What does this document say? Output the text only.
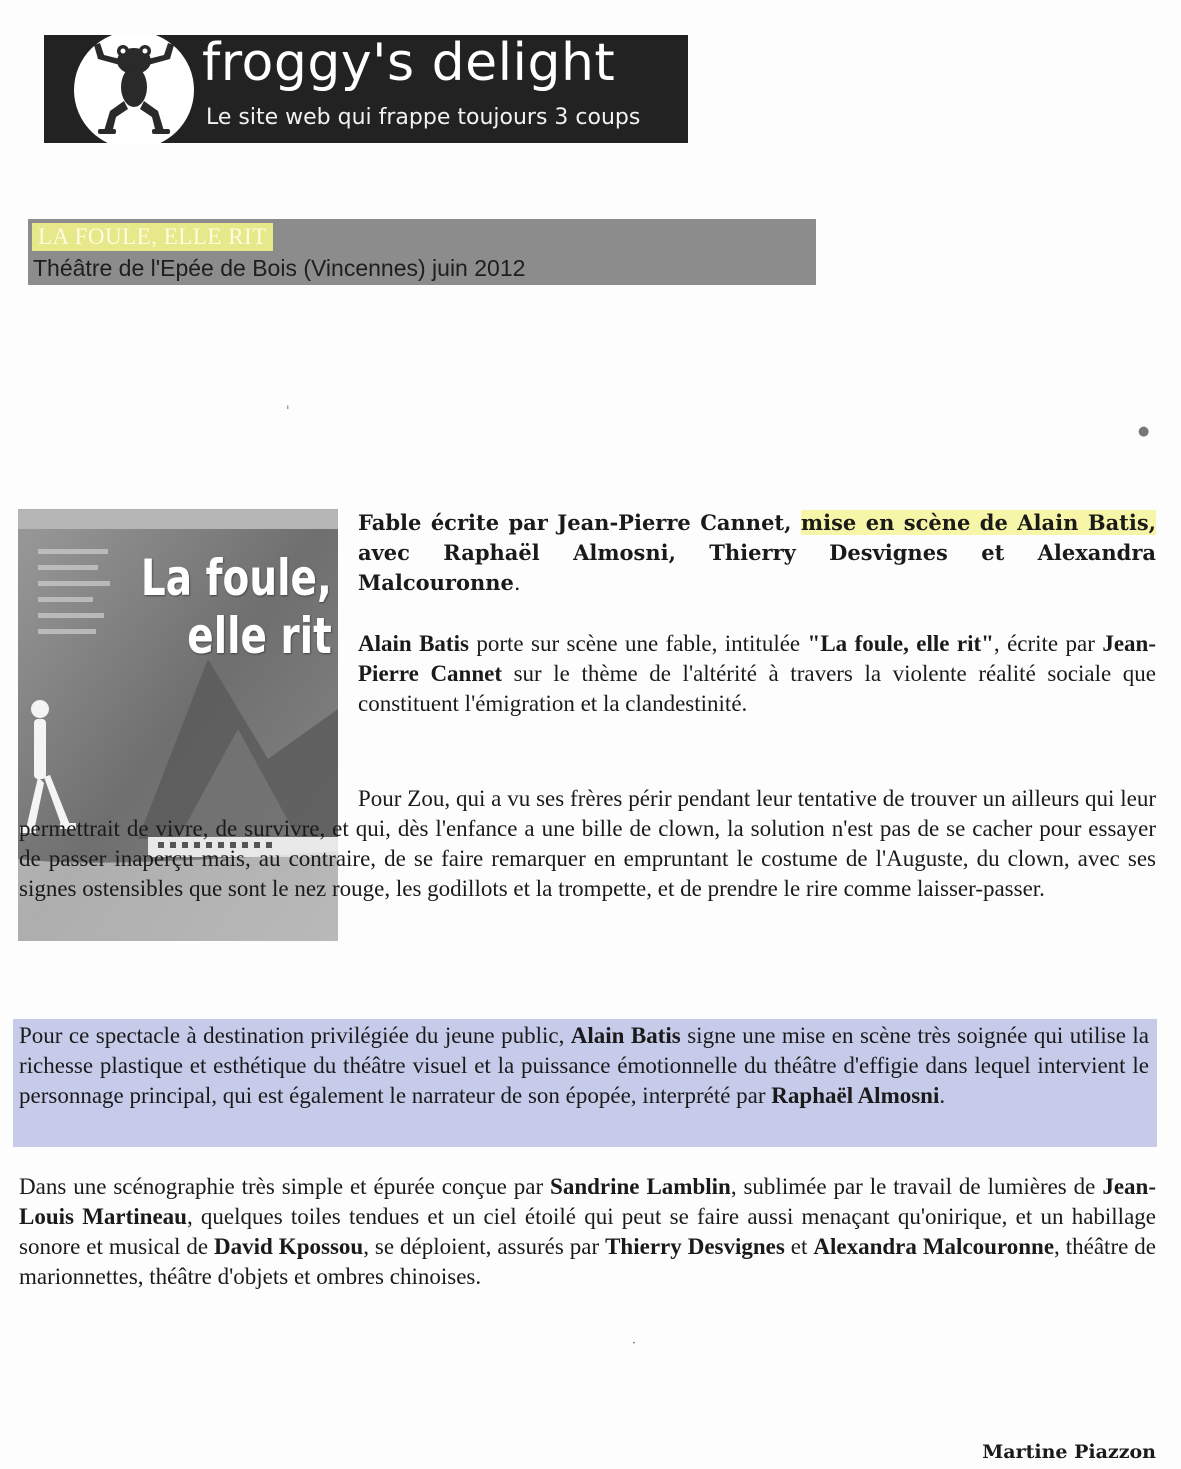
froggy's delight
Le site web qui frappe toujours 3 coups
LA FOULE, ELLE RIT
Théâtre de l'Epée de Bois (Vincennes) juin 2012
'
●
·
La foule,
elle rit

Fable écrite par Jean-Pierre Cannet, mise en scène de Alain Batis, avec Raphaël Almosni, Thierry Desvignes et Alexandra Malcouronne.

Alain Batis porte sur scène une fable, intitulée "La foule, elle rit", écrite par Jean-Pierre Cannet sur le thème de l'altérité à travers la violente réalité sociale que constituent l'émigration et la clandestinité.

Pour Zou, qui a vu ses frères périr pendant leur tentative de trouver un ailleurs qui leur permettrait de vivre, de survivre, et qui, dès l'enfance a une bille de clown, la solution n'est pas de se cacher pour essayer de passer inaperçu mais, au contraire, de se faire remarquer en empruntant le costume de l'Auguste, du clown, avec ses signes ostensibles que sont le nez rouge, les godillots et la trompette, et de prendre le rire comme laisser-passer.

Pour ce spectacle à destination privilégiée du jeune public, Alain Batis signe une mise en scène très soignée qui utilise la richesse plastique et esthétique du théâtre visuel et la puissance émotionnelle du théâtre d'effigie dans lequel intervient le personnage principal, qui est également le narrateur de son épopée, interprété par Raphaël Almosni.

Dans une scénographie très simple et épurée conçue par Sandrine Lamblin, sublimée par le travail de lumières de Jean-Louis Martineau, quelques toiles tendues et un ciel étoilé qui peut se faire aussi menaçant qu'onirique, et un habillage sonore et musical de David Kpossou, se déploient, assurés par Thierry Desvignes et Alexandra Malcouronne, théâtre de marionnettes, théâtre d'objets et ombres chinoises.

Martine Piazzon
